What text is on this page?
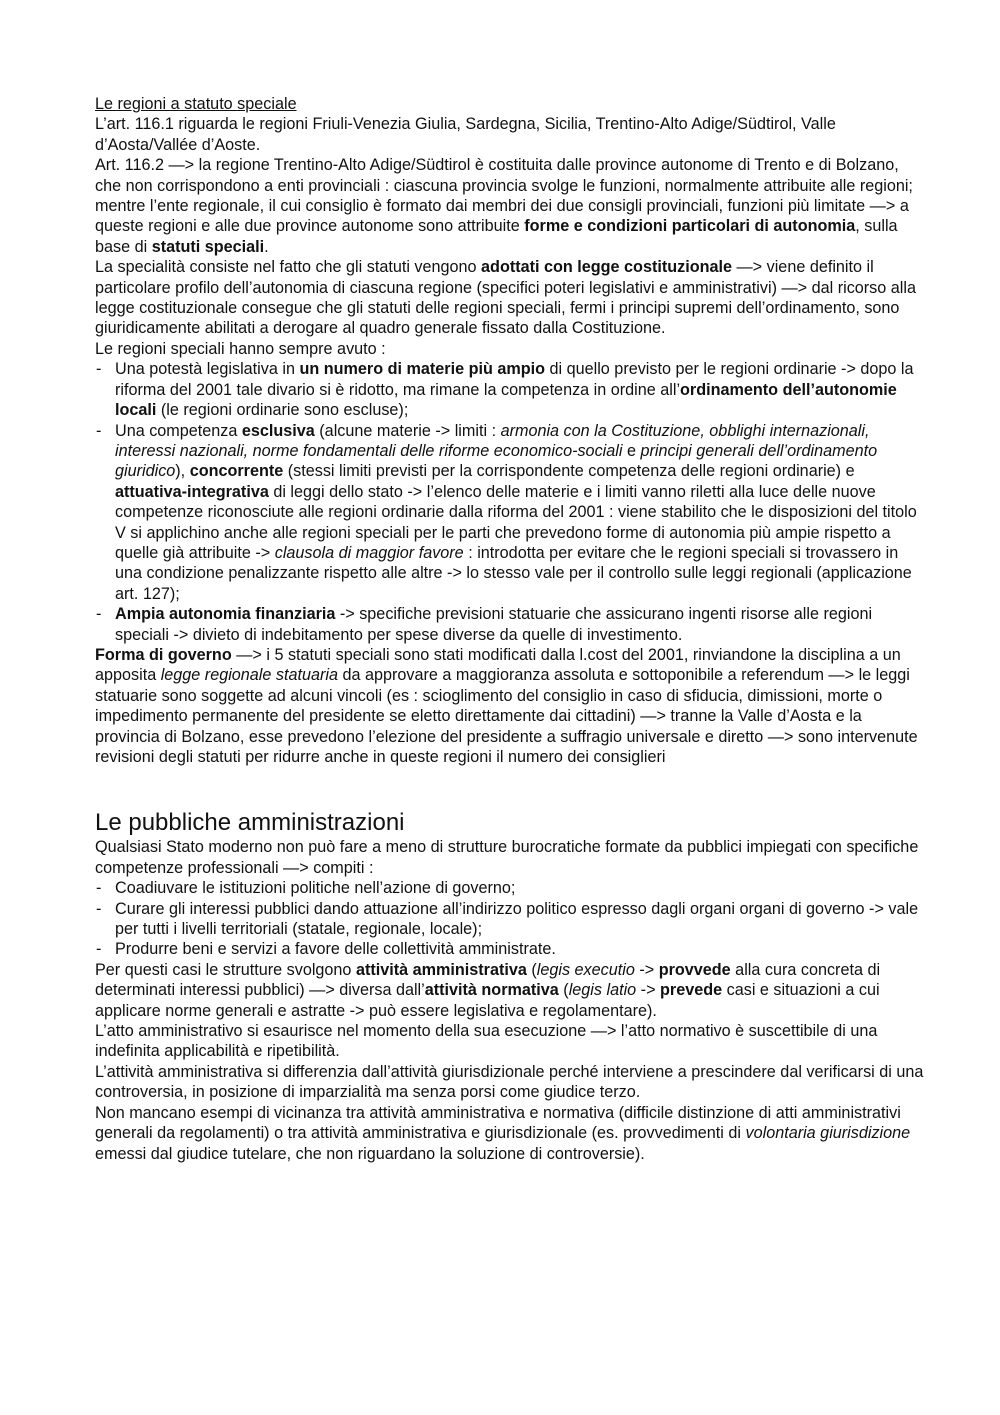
Le regioni a statuto speciale

L’art. 116.1 riguarda le regioni Friuli-Venezia Giulia, Sardegna, Sicilia, Trentino-Alto Adige/Südtirol, Valle d’Aosta/Vallée d’Aoste.

Art. 116.2 —> la regione Trentino-Alto Adige/Südtirol è costituita dalle province autonome di Trento e di Bolzano, che non corrispondono a enti provinciali : ciascuna provincia svolge le funzioni, normalmente attribuite alle regioni; mentre l’ente regionale, il cui consiglio è formato dai membri dei due consigli provinciali, funzioni più limitate —> a queste regioni e alle due province autonome sono attribuite forme e condizioni particolari di autonomia, sulla base di statuti speciali.

La specialità consiste nel fatto che gli statuti vengono adottati con legge costituzionale —> viene definito il particolare profilo dell’autonomia di ciascuna regione (specifici poteri legislativi e amministrativi) —> dal ricorso alla legge costituzionale consegue che gli statuti delle regioni speciali, fermi i principi supremi dell’ordinamento, sono giuridicamente abilitati a derogare al quadro generale fissato dalla Costituzione.

Le regioni speciali hanno sempre avuto :

- Una potestà legislativa in un numero di materie più ampio di quello previsto per le regioni ordinarie -> dopo la riforma del 2001 tale divario si è ridotto, ma rimane la competenza in ordine all’ordinamento dell’autonomie locali (le regioni ordinarie sono escluse);
- Una competenza esclusiva (alcune materie -> limiti : armonia con la Costituzione, obblighi internazionali, interessi nazionali, norme fondamentali delle riforme economico-sociali e principi generali dell’ordinamento giuridico), concorrente (stessi limiti previsti per la corrispondente competenza delle regioni ordinarie) e attuativa-integrativa di leggi dello stato -> l’elenco delle materie e i limiti vanno riletti alla luce delle nuove competenze riconosciute alle regioni ordinarie dalla riforma del 2001 : viene stabilito che le disposizioni del titolo V si applichino anche alle regioni speciali per le parti che prevedono forme di autonomia più ampie rispetto a quelle già attribuite -> clausola di maggior favore : introdotta per evitare che le regioni speciali si trovassero in una condizione penalizzante rispetto alle altre -> lo stesso vale per il controllo sulle leggi regionali (applicazione art. 127);
- Ampia autonomia finanziaria -> specifiche previsioni statuarie che assicurano ingenti risorse alle regioni speciali -> divieto di indebitamento per spese diverse da quelle di investimento.

Forma di governo —> i 5 statuti speciali sono stati modificati dalla l.cost del 2001, rinviandone la disciplina a un apposita legge regionale statuaria da approvare a maggioranza assoluta e sottoponibile a referendum —> le leggi statuarie sono soggette ad alcuni vincoli (es : scioglimento del consiglio in caso di sfiducia, dimissioni, morte o impedimento permanente del presidente se eletto direttamente dai cittadini) —> tranne la Valle d’Aosta e la provincia di Bolzano, esse prevedono l’elezione del presidente a suffragio universale e diretto —> sono intervenute revisioni degli statuti per ridurre anche in queste regioni il numero dei consiglieri

Le pubbliche amministrazioni

Qualsiasi Stato moderno non può fare a meno di strutture burocratiche formate da pubblici impiegati con specifiche competenze professionali —> compiti :

- Coadiuvare le istituzioni politiche nell’azione di governo;
- Curare gli interessi pubblici dando attuazione all’indirizzo politico espresso dagli organi organi di governo -> vale per tutti i livelli territoriali (statale, regionale, locale);
- Produrre beni e servizi a favore delle collettività amministrate.

Per questi casi le strutture svolgono attività amministrativa (legis executio -> provvede alla cura concreta di determinati interessi pubblici) —> diversa dall’attività normativa (legis latio -> prevede casi e situazioni a cui applicare norme generali e astratte -> può essere legislativa e regolamentare).

L’atto amministrativo si esaurisce nel momento della sua esecuzione —> l’atto normativo è suscettibile di una indefinita applicabilità e ripetibilità.

L’attività amministrativa si differenzia dall’attività giurisdizionale perché interviene a prescindere dal verificarsi di una controversia, in posizione di imparzialità ma senza porsi come giudice terzo.

Non mancano esempi di vicinanza tra attività amministrativa e normativa (difficile distinzione di atti amministrativi generali da regolamenti) o tra attività amministrativa e giurisdizionale (es. provvedimenti di volontaria giurisdizione emessi dal giudice tutelare, che non riguardano la soluzione di controversie).
